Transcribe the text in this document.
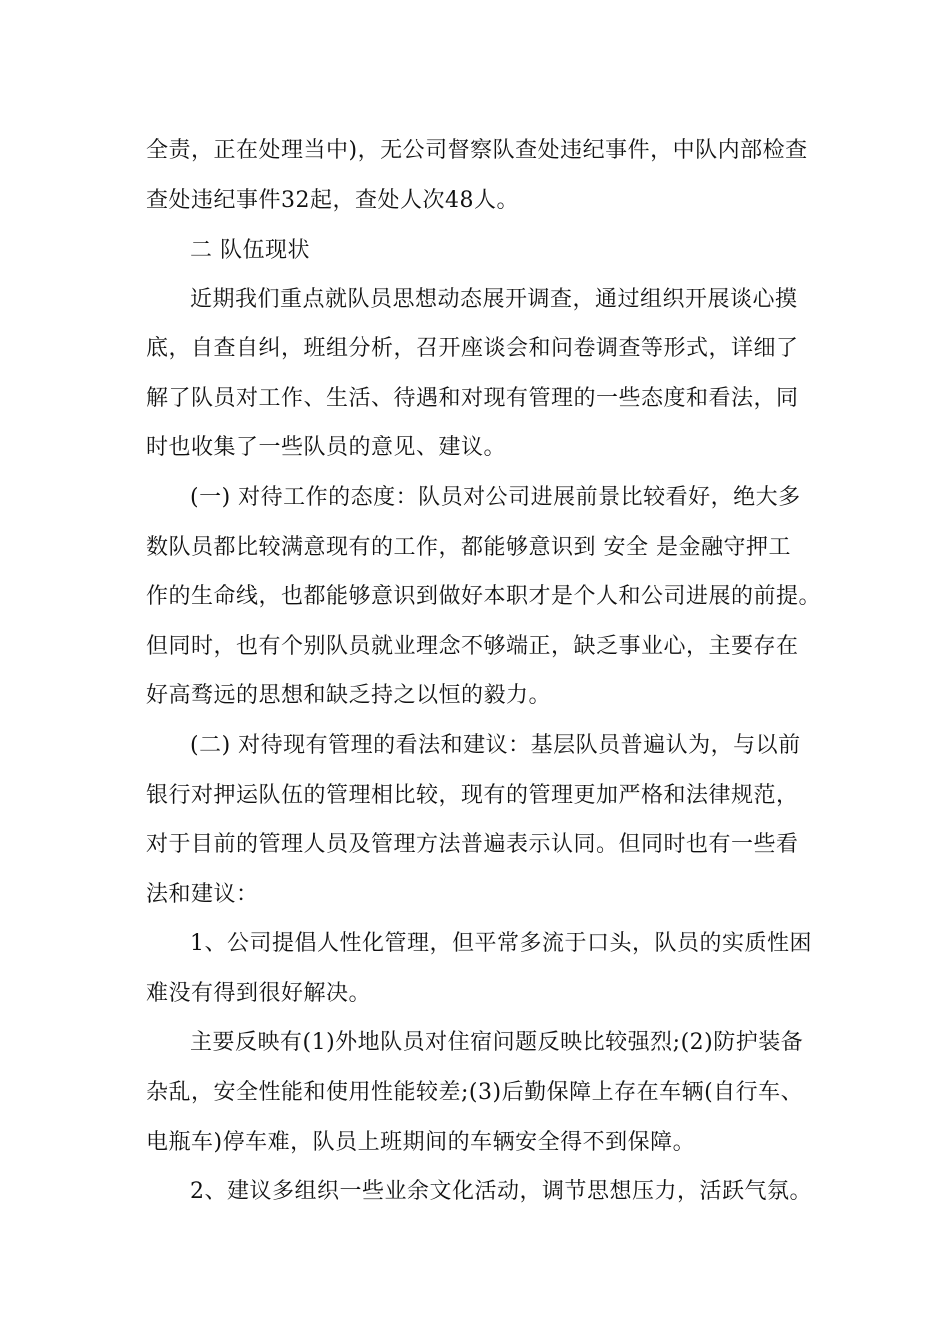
全责，正在处理当中)，无公司督察队查处违纪事件，中队内部检查
查处违纪事件32起，查处人次48人。
二 队伍现状
近期我们重点就队员思想动态展开调查，通过组织开展谈心摸
底，自查自纠，班组分析，召开座谈会和问卷调查等形式，详细了
解了队员对工作、生活、待遇和对现有管理的一些态度和看法，同
时也收集了一些队员的意见、建议。
(一) 对待工作的态度：队员对公司进展前景比较看好，绝大多
数队员都比较满意现有的工作，都能够意识到 安全 是金融守押工
作的生命线，也都能够意识到做好本职才是个人和公司进展的前提。
但同时，也有个别队员就业理念不够端正，缺乏事业心，主要存在
好高骛远的思想和缺乏持之以恒的毅力。
(二) 对待现有管理的看法和建议：基层队员普遍认为，与以前
银行对押运队伍的管理相比较，现有的管理更加严格和法律规范，
对于目前的管理人员及管理方法普遍表示认同。但同时也有一些看
法和建议：
1、公司提倡人性化管理，但平常多流于口头，队员的实质性困
难没有得到很好解决。
主要反映有(1)外地队员对住宿问题反映比较强烈;(2)防护装备
杂乱，安全性能和使用性能较差;(3)后勤保障上存在车辆(自行车、
电瓶车)停车难，队员上班期间的车辆安全得不到保障。
2、建议多组织一些业余文化活动，调节思想压力，活跃气氛。
